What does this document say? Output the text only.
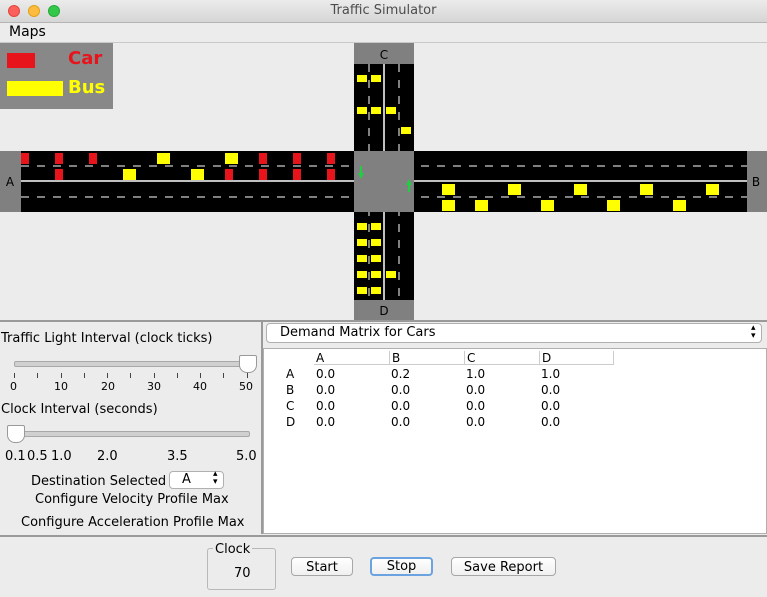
Traffic Simulator
Maps
C
A	B
D
Car
Bus
Traffic Light Interval (clock ticks)
0	10	20	30	40	50
Clock Interval (seconds)
0.1 0.5 1.0 2.0	3.5	5.0
Destination Selected A ▴
▾
Configure Velocity Profile Max
Configure Acceleration Profile Max
Demand Matrix for Cars	▴
▾
A	B	C	D
A 0.0	0.2	1.0	1.0
B 0.0	0.0	0.0	0.0
C 0.0	0.0	0.0	0.0
D 0.0	0.0	0.0	0.0
Clock
70	Start	Stop	Save Report
